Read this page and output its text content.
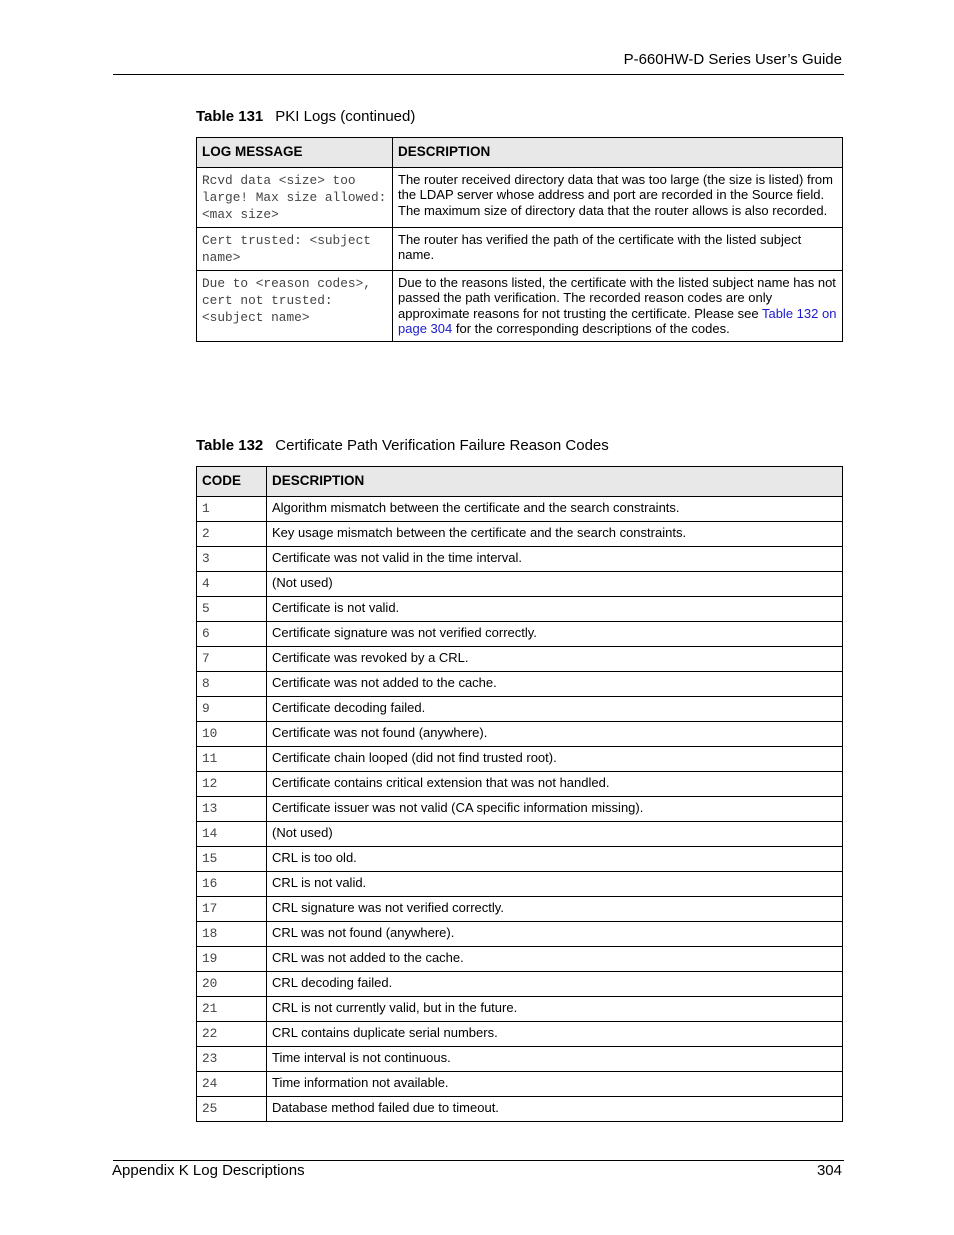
P-660HW-D Series User’s Guide
Table 131 PKI Logs (continued)
LOG MESSAGE	DESCRIPTION
Rcvd data <size> too large! Max size allowed: <max size>	The router received directory data that was too large (the size is listed) from the LDAP server whose address and port are recorded in the Source field. The maximum size of directory data that the router allows is also recorded.
Cert trusted: <subject name>	The router has verified the path of the certificate with the listed subject name.
Due to <reason codes>, cert not trusted: <subject name>	Due to the reasons listed, the certificate with the listed subject name has not passed the path verification. The recorded reason codes are only approximate reasons for not trusting the certificate. Please see Table 132 on page 304 for the corresponding descriptions of the codes.
Table 132 Certificate Path Verification Failure Reason Codes
CODE	DESCRIPTION
1	Algorithm mismatch between the certificate and the search constraints.
2	Key usage mismatch between the certificate and the search constraints.
3	Certificate was not valid in the time interval.
4	(Not used)
5	Certificate is not valid.
6	Certificate signature was not verified correctly.
7	Certificate was revoked by a CRL.
8	Certificate was not added to the cache.
9	Certificate decoding failed.
10	Certificate was not found (anywhere).
11	Certificate chain looped (did not find trusted root).
12	Certificate contains critical extension that was not handled.
13	Certificate issuer was not valid (CA specific information missing).
14	(Not used)
15	CRL is too old.
16	CRL is not valid.
17	CRL signature was not verified correctly.
18	CRL was not found (anywhere).
19	CRL was not added to the cache.
20	CRL decoding failed.
21	CRL is not currently valid, but in the future.
22	CRL contains duplicate serial numbers.
23	Time interval is not continuous.
24	Time information not available.
25	Database method failed due to timeout.
Appendix K Log Descriptions	304
